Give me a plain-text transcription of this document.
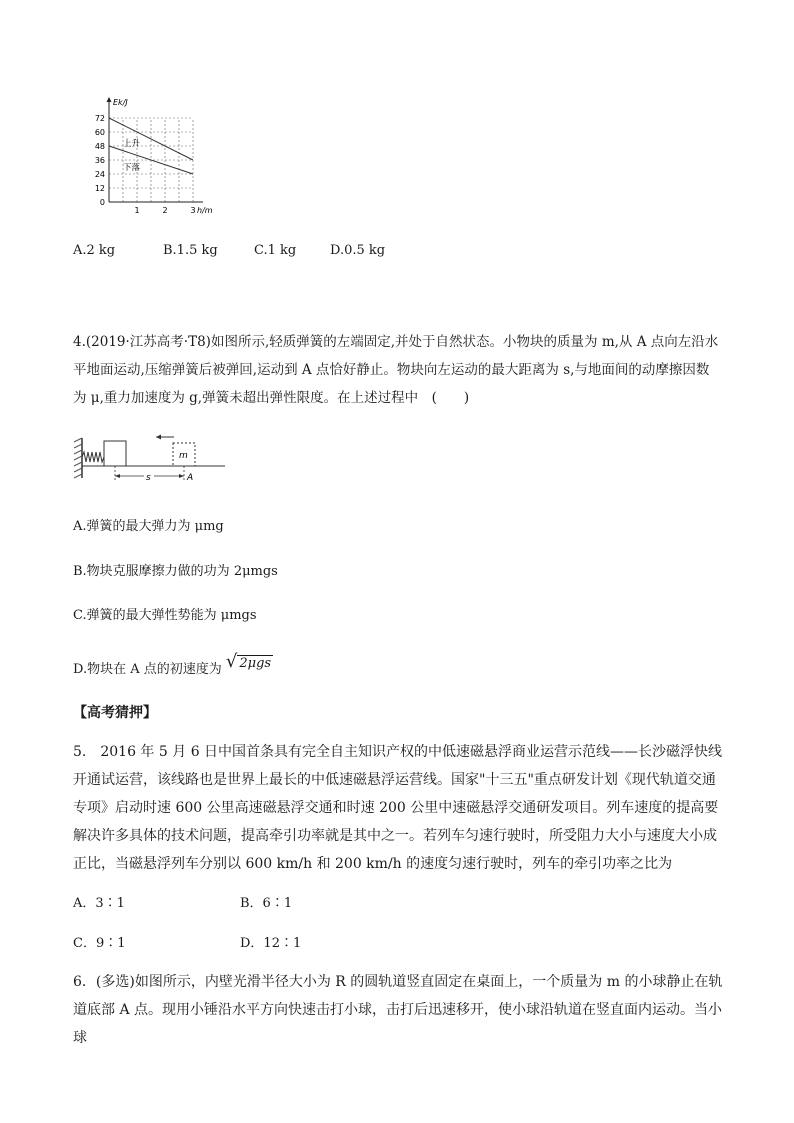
72
60
48
36
24
12
0
1	2	3
Ek/J
h/m
上升
下落
A.2 kg	B.1.5 kg	C.1 kg	D.0.5 kg
4.(2019·江苏高考·T8)如图所示,轻质弹簧的左端固定,并处于自然状态。小物块的质量为 m,从 A 点向左沿水
平地面运动,压缩弹簧后被弹回,运动到 A 点恰好静止。物块向左运动的最大距离为 s,与地面间的动摩擦因数
为 μ,重力加速度为 g,弹簧未超出弹性限度。在上述过程中　(　　)
m
s	A
A.弹簧的最大弹力为 μmg
B.物块克服摩擦力做的功为 2μmgs
C.弹簧的最大弹性势能为 μmgs
D.物块在 A 点的初速度为 √ 2μgs
【高考猜押】
5.　2016 年 5 月 6 日中国首条具有完全自主知识产权的中低速磁悬浮商业运营示范线——长沙磁浮快线开通试运营，该线路也是世界上最长的中低速磁悬浮运营线。国家"十三五"重点研发计划《现代轨道交通专项》启动时速 600 公里高速磁悬浮交通和时速 200 公里中速磁悬浮交通研发项目。列车速度的提高要解决许多具体的技术问题，提高牵引功率就是其中之一。若列车匀速行驶时，所受阻力大小与速度大小成正比，当磁悬浮列车分别以 600 km/h 和 200 km/h 的速度匀速行驶时，列车的牵引功率之比为
A．3∶1	B．6∶1
C．9∶1	D．12∶1
6．(多选)如图所示，内壁光滑半径大小为 R 的圆轨道竖直固定在桌面上，一个质量为 m 的小球静止在轨道底部 A 点。现用小锤沿水平方向快速击打小球，击打后迅速移开，使小球沿轨道在竖直面内运动。当小球
